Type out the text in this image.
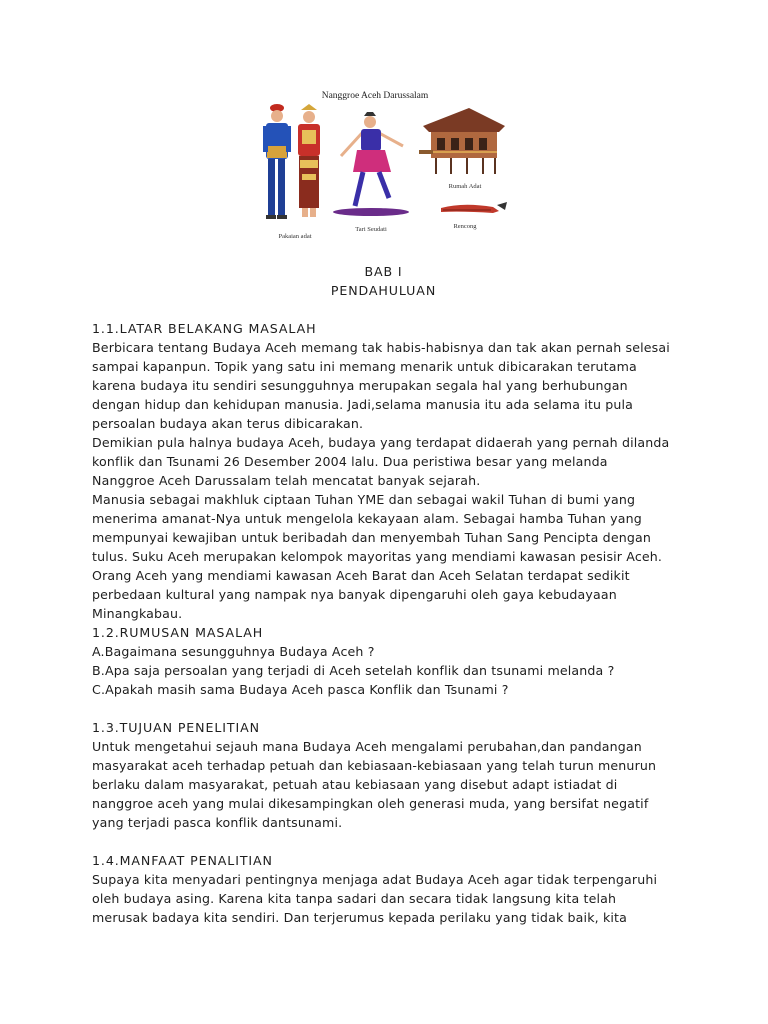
Nanggroe Aceh Darussalam
Pakaian adat
Tari Seudati
Rumah Adat
Rencong
BAB I
PENDAHULUAN
1.1.LATAR BELAKANG MASALAH

Berbicara tentang Budaya Aceh memang tak habis-habisnya dan tak akan pernah selesai
sampai kapanpun. Topik yang satu ini memang menarik untuk dibicarakan terutama
karena budaya itu sendiri sesungguhnya merupakan segala hal yang berhubungan
dengan hidup dan kehidupan manusia. Jadi,selama manusia itu ada selama itu pula
persoalan budaya akan terus dibicarakan.

Demikian pula halnya budaya Aceh, budaya yang terdapat didaerah yang pernah dilanda
konflik dan Tsunami 26 Desember 2004 lalu. Dua peristiwa besar yang melanda
Nanggroe Aceh Darussalam telah mencatat banyak sejarah.

Manusia sebagai makhluk ciptaan Tuhan YME dan sebagai wakil Tuhan di bumi yang
menerima amanat-Nya untuk mengelola kekayaan alam. Sebagai hamba Tuhan yang
mempunyai kewajiban untuk beribadah dan menyembah Tuhan Sang Pencipta dengan
tulus. Suku Aceh merupakan kelompok mayoritas yang mendiami kawasan pesisir Aceh.
Orang Aceh yang mendiami kawasan Aceh Barat dan Aceh Selatan terdapat sedikit
perbedaan kultural yang nampak nya banyak dipengaruhi oleh gaya kebudayaan
Minangkabau.

1.2.RUMUSAN MASALAH
A.Bagaimana sesungguhnya Budaya Aceh ?
B.Apa saja persoalan yang terjadi di Aceh setelah konflik dan tsunami melanda ?
C.Apakah masih sama Budaya Aceh pasca Konflik dan Tsunami ?
1.3.TUJUAN PENELITIAN

Untuk mengetahui sejauh mana Budaya Aceh mengalami perubahan,dan pandangan
masyarakat aceh terhadap petuah dan kebiasaan-kebiasaan yang telah turun menurun
berlaku dalam masyarakat, petuah atau kebiasaan yang disebut adapt istiadat di
nanggroe aceh yang mulai dikesampingkan oleh generasi muda, yang bersifat negatif
yang terjadi pasca konflik dantsunami.

1.4.MANFAAT PENALITIAN

Supaya kita menyadari pentingnya menjaga adat Budaya Aceh agar tidak terpengaruhi
oleh budaya asing. Karena kita tanpa sadari dan secara tidak langsung kita telah
merusak badaya kita sendiri. Dan terjerumus kepada perilaku yang tidak baik, kita
